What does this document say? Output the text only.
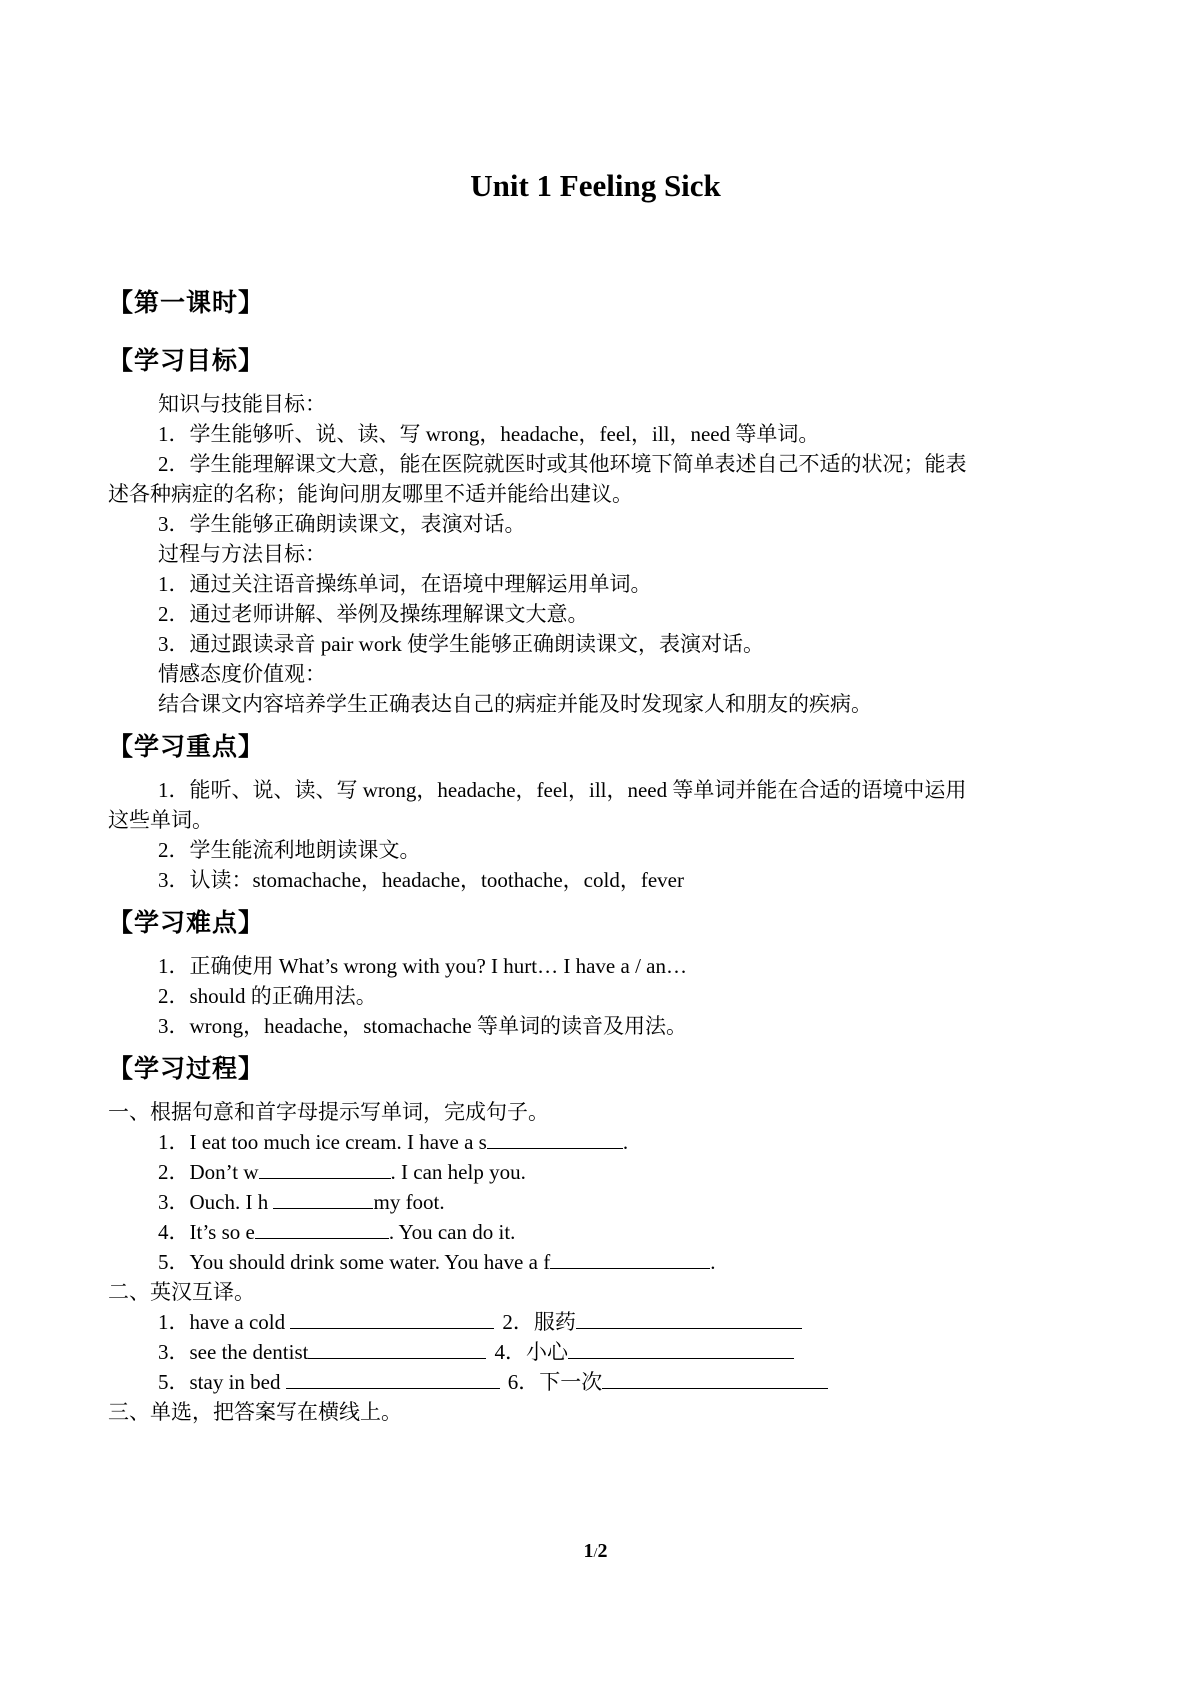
Unit 1 Feeling Sick
【第一课时】
【学习目标】
知识与技能目标：
1．学生能够听、说、读、写 wrong，headache，feel，ill，need 等单词。
2．学生能理解课文大意，能在医院就医时或其他环境下简单表述自己不适的状况；能表
述各种病症的名称；能询问朋友哪里不适并能给出建议。
3．学生能够正确朗读课文，表演对话。
过程与方法目标：
1．通过关注语音操练单词，在语境中理解运用单词。
2．通过老师讲解、举例及操练理解课文大意。
3．通过跟读录音 pair work 使学生能够正确朗读课文，表演对话。
情感态度价值观：
结合课文内容培养学生正确表达自己的病症并能及时发现家人和朋友的疾病。
【学习重点】
1．能听、说、读、写 wrong，headache，feel，ill，need 等单词并能在合适的语境中运用
这些单词。
2．学生能流利地朗读课文。
3．认读：stomachache，headache，toothache，cold，fever
【学习难点】
1．正确使用 What’s wrong with you? I hurt… I have a / an…
2．should 的正确用法。
3．wrong，headache，stomachache 等单词的读音及用法。
【学习过程】
一、根据句意和首字母提示写单词，完成句子。
1．I eat too much ice cream. I have a s	.
2．Don’t w	. I can help you.
3．Ouch. I h	my foot.
4．It’s so e	. You can do it.
5．You should drink some water. You have a f	.
二、英汉互译。
1．have a cold	2．服药
3．see the dentist	4．小心
5．stay in bed	6．下一次
三、单选，把答案写在横线上。
1/2
